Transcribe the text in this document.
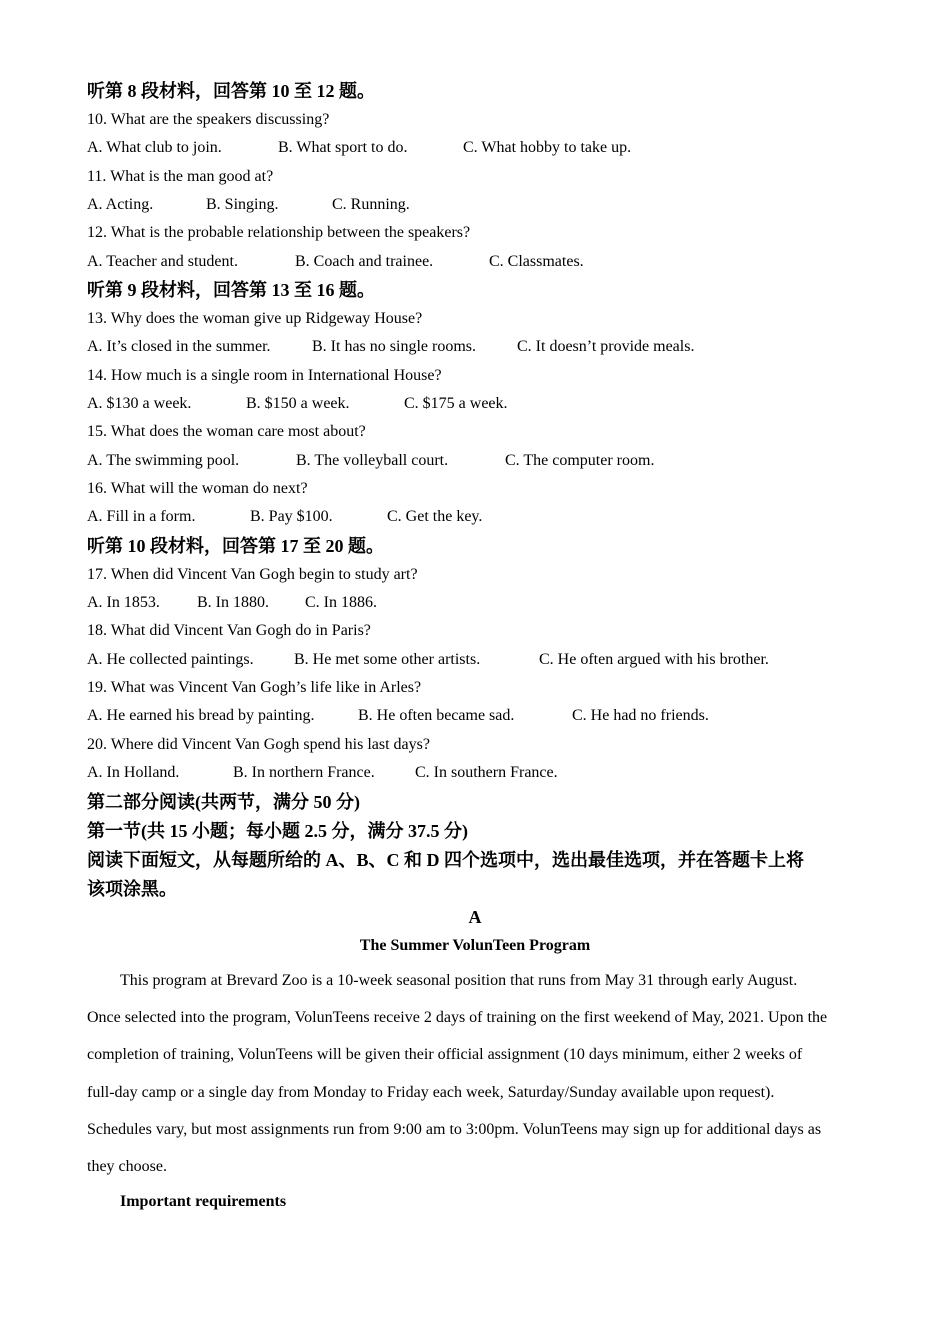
听第 8 段材料，回答第 10 至 12 题。
10. What are the speakers discussing?
A. What club to join.	B. What sport to do.	C. What hobby to take up.
11. What is the man good at?
A. Acting.	B. Singing.	C. Running.
12. What is the probable relationship between the speakers?
A. Teacher and student.	B. Coach and trainee.	C. Classmates.
听第 9 段材料，回答第 13 至 16 题。
13. Why does the woman give up Ridgeway House?
A. It’s closed in the summer.	B. It has no single rooms.	C. It doesn’t provide meals.
14. How much is a single room in International House?
A. $130 a week.	B. $150 a week.	C. $175 a week.
15. What does the woman care most about?
A. The swimming pool.	B. The volleyball court.	C. The computer room.
16. What will the woman do next?
A. Fill in a form.	B. Pay $100.	C. Get the key.
听第 10 段材料，回答第 17 至 20 题。
17. When did Vincent Van Gogh begin to study art?
A. In 1853. B. In 1880. C. In 1886.
18. What did Vincent Van Gogh do in Paris?
A. He collected paintings.	B. He met some other artists.	C. He often argued with his brother.
19. What was Vincent Van Gogh’s life like in Arles?
A. He earned his bread by painting.	B. He often became sad.	C. He had no friends.
20. Where did Vincent Van Gogh spend his last days?
A. In Holland.	B. In northern France.	C. In southern France.
第二部分阅读(共两节，满分 50 分)
第一节(共 15 小题；每小题 2.5 分，满分 37.5 分)
阅读下面短文，从每题所给的 A、B、C 和 D 四个选项中，选出最佳选项，并在答题卡上将
该项涂黑。
A
The Summer VolunTeen Program
This program at Brevard Zoo is a 10-week seasonal position that runs from May 31 through early August.
Once selected into the program, VolunTeens receive 2 days of training on the first weekend of May, 2021. Upon the
completion of training, VolunTeens will be given their official assignment (10 days minimum, either 2 weeks of
full-day camp or a single day from Monday to Friday each week, Saturday/Sunday available upon request).
Schedules vary, but most assignments run from 9:00 am to 3:00pm. VolunTeens may sign up for additional days as
they choose.
Important requirements
